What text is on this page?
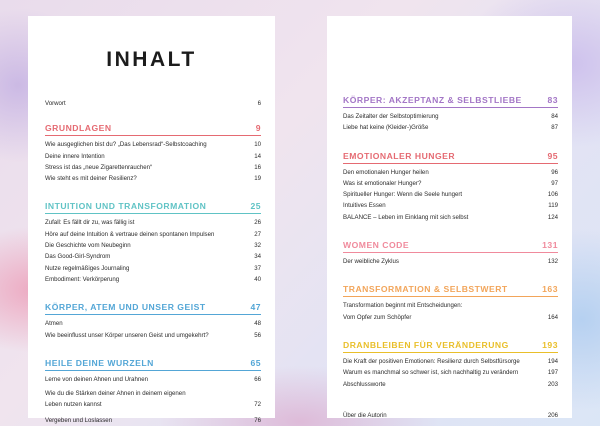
INHALT
Vorwort	6
GRUNDLAGEN	9
Wie ausgeglichen bist du? „Das Lebensrad“-Selbstcoaching	10
Deine innere Intention	14
Stress ist das „neue Zigarettenrauchen“	16
Wie steht es mit deiner Resilienz?	19
INTUITION UND TRANSFORMATION	25
Zufall: Es fällt dir zu, was fällig ist	26
Höre auf deine Intuition & vertraue deinen spontanen Impulsen	27
Die Geschichte vom Neubeginn	32
Das Good-Girl-Syndrom	34
Nutze regelmäßiges Journaling	37
Embodiment: Verkörperung	40
KÖRPER, ATEM UND UNSER GEIST	47
Atmen	48
Wie beeinflusst unser Körper unseren Geist und umgekehrt?	56
HEILE DEINE WURZELN	65
Lerne von deinen Ahnen und Urahnen	66
Wie du die Stärken deiner Ahnen in deinem eigenen
Leben nutzen kannst	72
Vergeben und Loslassen	76
KÖRPER: AKZEPTANZ & SELBSTLIEBE	83
Das Zeitalter der Selbstoptimierung	84
Liebe hat keine (Kleider-)Größe	87
EMOTIONALER HUNGER	95
Den emotionalen Hunger heilen	96
Was ist emotionaler Hunger?	97
Spiritueller Hunger: Wenn die Seele hungert	106
Intuitives Essen	119
BALANCE – Leben im Einklang mit sich selbst	124
WOMEN CODE	131
Der weibliche Zyklus	132
TRANSFORMATION & SELBSTWERT	163
Transformation beginnt mit Entscheidungen:
Vom Opfer zum Schöpfer	164
DRANBLEIBEN FÜR VERÄNDERUNG	193
Die Kraft der positiven Emotionen: Resilienz durch Selbstfürsorge	194
Warum es manchmal so schwer ist, sich nachhaltig zu verändern	197
Abschlussworte	203
Über die Autorin	206
